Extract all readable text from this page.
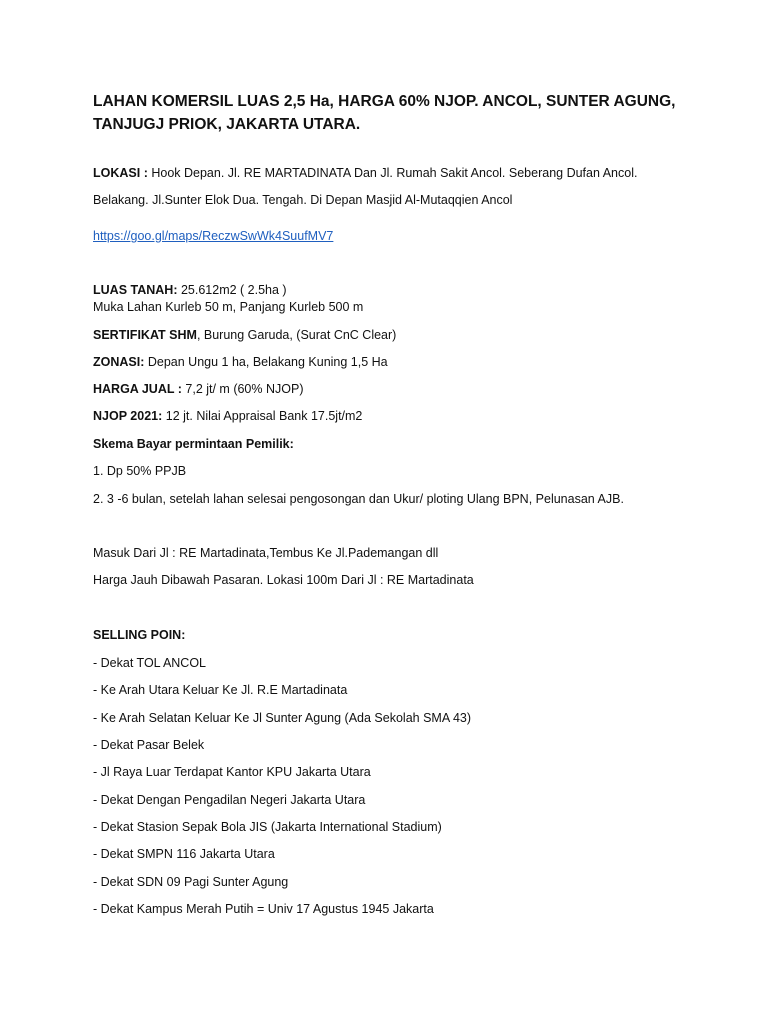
LAHAN KOMERSIL LUAS 2,5 Ha, HARGA 60% NJOP. ANCOL, SUNTER AGUNG, TANJUGJ PRIOK, JAKARTA UTARA.
LOKASI : Hook Depan. Jl. RE MARTADINATA Dan Jl. Rumah Sakit Ancol. Seberang Dufan Ancol.
Belakang. Jl.Sunter Elok Dua. Tengah. Di Depan Masjid Al-Mutaqqien Ancol
https://goo.gl/maps/ReczwSwWk4SuufMV7
LUAS TANAH: 25.612m2 ( 2.5ha )
Muka Lahan Kurleb 50 m, Panjang Kurleb 500 m
SERTIFIKAT SHM, Burung Garuda, (Surat CnC Clear)
ZONASI: Depan Ungu 1 ha, Belakang Kuning 1,5 Ha
HARGA JUAL : 7,2 jt/ m (60% NJOP)
NJOP 2021: 12 jt. Nilai Appraisal Bank 17.5jt/m2
Skema Bayar permintaan Pemilik:
1. Dp 50% PPJB
2. 3 -6 bulan, setelah lahan selesai pengosongan dan Ukur/ ploting Ulang BPN, Pelunasan AJB.
Masuk Dari Jl : RE Martadinata,Tembus Ke Jl.Pademangan dll
Harga Jauh Dibawah Pasaran. Lokasi 100m Dari Jl : RE Martadinata
SELLING POIN:
- Dekat TOL ANCOL
- Ke Arah Utara Keluar Ke Jl. R.E Martadinata
- Ke Arah Selatan Keluar Ke Jl Sunter Agung (Ada Sekolah SMA 43)
- Dekat Pasar Belek
- Jl Raya Luar Terdapat Kantor KPU Jakarta Utara
- Dekat Dengan Pengadilan Negeri Jakarta Utara
- Dekat Stasion Sepak Bola JIS (Jakarta International Stadium)
- Dekat SMPN 116 Jakarta Utara
- Dekat SDN 09 Pagi Sunter Agung
- Dekat Kampus Merah Putih = Univ 17 Agustus 1945 Jakarta
